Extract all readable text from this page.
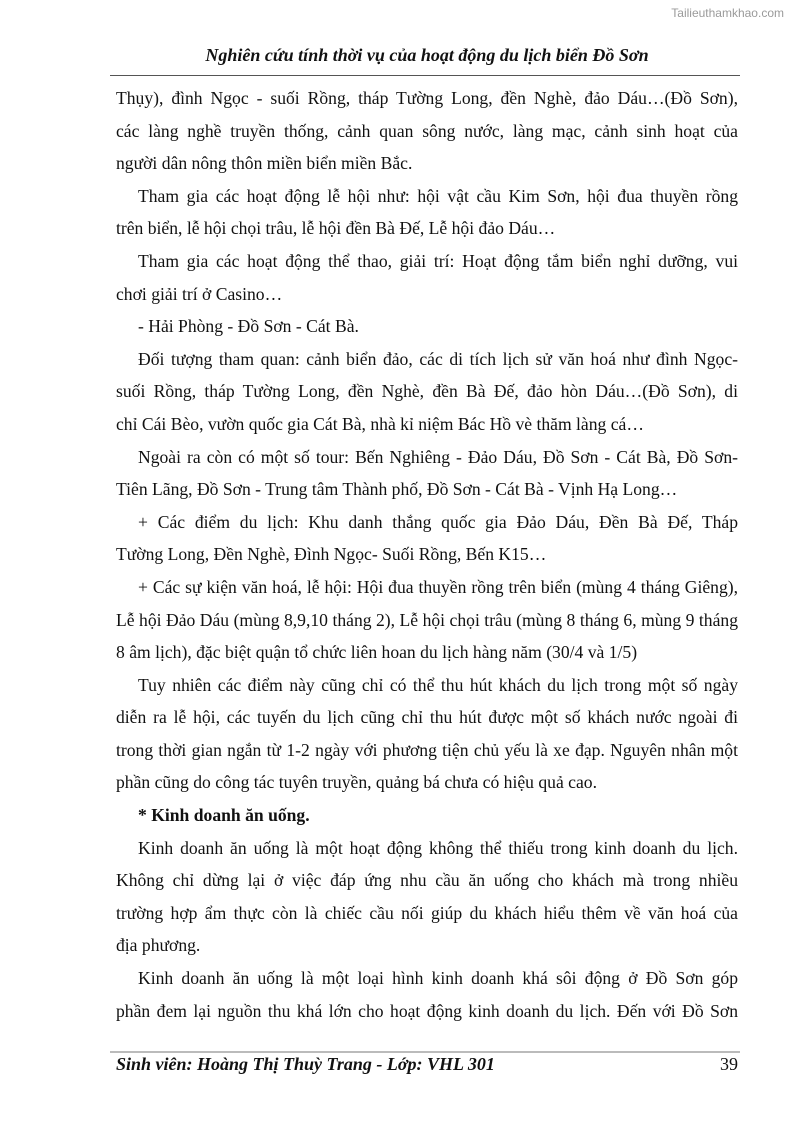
Tailieuthamkhao.com
Nghiên cứu tính thời vụ của hoạt động du lịch biển Đồ Sơn
Thụy), đình Ngọc - suối Rồng, tháp Tường Long, đền Nghè, đảo Dáu…(Đồ Sơn),
các làng nghề truyền thống, cảnh quan sông nước, làng mạc, cảnh sinh hoạt của
người dân nông thôn miền biển miền Bắc.
Tham gia các hoạt động lễ hội như: hội vật cầu Kim Sơn, hội đua thuyền rồng
trên biển, lễ hội chọi trâu, lễ hội đền Bà Đế, Lễ hội đảo Dáu…
Tham gia các hoạt động thể thao, giải trí: Hoạt động tắm biển nghỉ dưỡng, vui
chơi giải trí ở Casino…
- Hải Phòng - Đồ Sơn - Cát Bà.
Đối tượng tham quan: cảnh biển đảo, các di tích lịch sử văn hoá như đình Ngọc-
suối Rồng, tháp Tường Long, đền Nghè, đền Bà Đế, đảo hòn Dáu…(Đồ Sơn), di
chỉ Cái Bèo, vườn quốc gia Cát Bà, nhà kỉ niệm Bác Hồ vè thăm làng cá…
Ngoài ra còn có một số tour: Bến Nghiêng - Đảo Dáu, Đồ Sơn - Cát Bà, Đồ Sơn-
Tiên Lãng, Đồ Sơn - Trung tâm Thành phố, Đồ Sơn - Cát Bà - Vịnh Hạ Long…
+ Các điểm du lịch: Khu danh thắng quốc gia Đảo Dáu, Đền Bà Đế, Tháp
Tường Long, Đền Nghè, Đình Ngọc- Suối Rồng, Bến K15…
+ Các sự kiện văn hoá, lễ hội: Hội đua thuyền rồng trên biển (mùng 4 tháng Giêng),
Lễ hội Đảo Dáu (mùng 8,9,10 tháng 2), Lễ hội chọi trâu (mùng 8 tháng 6, mùng 9 tháng
8 âm lịch), đặc biệt quận tổ chức liên hoan du lịch hàng năm (30/4 và 1/5)
Tuy nhiên các điểm này cũng chỉ có thể thu hút khách du lịch trong một số ngày
diễn ra lễ hội, các tuyến du lịch cũng chỉ thu hút được một số khách nước ngoài đi
trong thời gian ngắn từ 1-2 ngày với phương tiện chủ yếu là xe đạp. Nguyên nhân một
phần cũng do công tác tuyên truyền, quảng bá chưa có hiệu quả cao.
* Kinh doanh ăn uống.
Kinh doanh ăn uống là một hoạt động không thể thiếu trong kinh doanh du lịch.
Không chỉ dừng lại ở việc đáp ứng nhu cầu ăn uống cho khách mà trong nhiều
trường hợp ẩm thực còn là chiếc cầu nối giúp du khách hiểu thêm về văn hoá của
địa phương.
Kinh doanh ăn uống là một loại hình kinh doanh khá sôi động ở Đồ Sơn góp
phần đem lại nguồn thu khá lớn cho hoạt động kinh doanh du lịch. Đến với Đồ Sơn
Sinh viên: Hoàng Thị Thuỳ Trang - Lớp: VHL 301	39
